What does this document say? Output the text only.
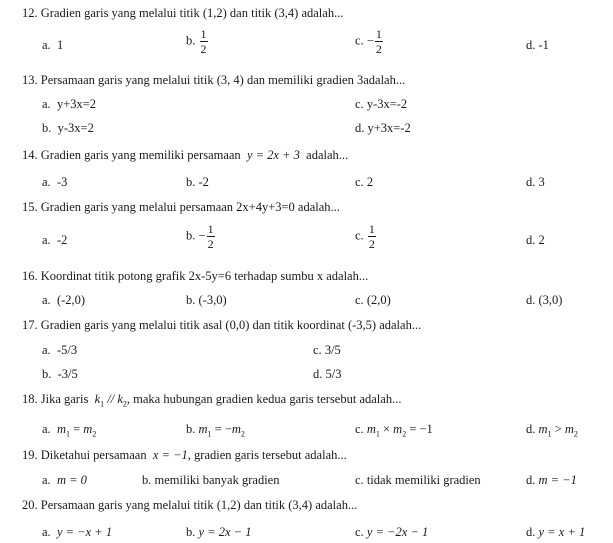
12. Gradien garis yang melalui titik (1,2) dan titik (3,4) adalah...
a. 1	b. $\frac{1}{2}$	c. − $\frac{1}{2}$	d. -1
13. Persamaan garis yang melalui titik (3, 4) dan memiliki gradien 3adalah...
a. y+3x=2	c. y-3x=-2
b. y-3x=2	d. y+3x=-2
14. Gradien garis yang memiliki persamaan y = 2x + 3 adalah...
a. -3	b. -2	c. 2	d. 3
15. Gradien garis yang melalui persamaan 2x+4y+3=0 adalah...
a. -2	b. − $\frac{1}{2}$	c. $\frac{1}{2}$	d. 2
16. Koordinat titik potong grafik 2x-5y=6 terhadap sumbu x adalah...
a. (-2,0)	b. (-3,0)	c. (2,0)	d. (3,0)
17. Gradien garis yang melalui titik asal (0,0) dan titik koordinat (-3,5) adalah...
a. -5/3	c. 3/5
b. -3/5	d. 5/3
18. Jika garis $k_1 // k_2$, maka hubungan gradien kedua garis tersebut adalah...
a. $m_1 = m_2$	b. $m_1 = -m_2$	c. $m_1 \times m_2 = -1$	d. $m_1 > m_2$
19. Diketahui persamaan x = −1, gradien garis tersebut adalah...
a. m = 0	b. memiliki banyak gradien	c. tidak memiliki gradien	d. m = −1
20. Persamaan garis yang melalui titik (1,2) dan titik (3,4) adalah...
a. y = −x + 1	b. y = 2x − 1	c. y = −2x − 1	d. y = x + 1
